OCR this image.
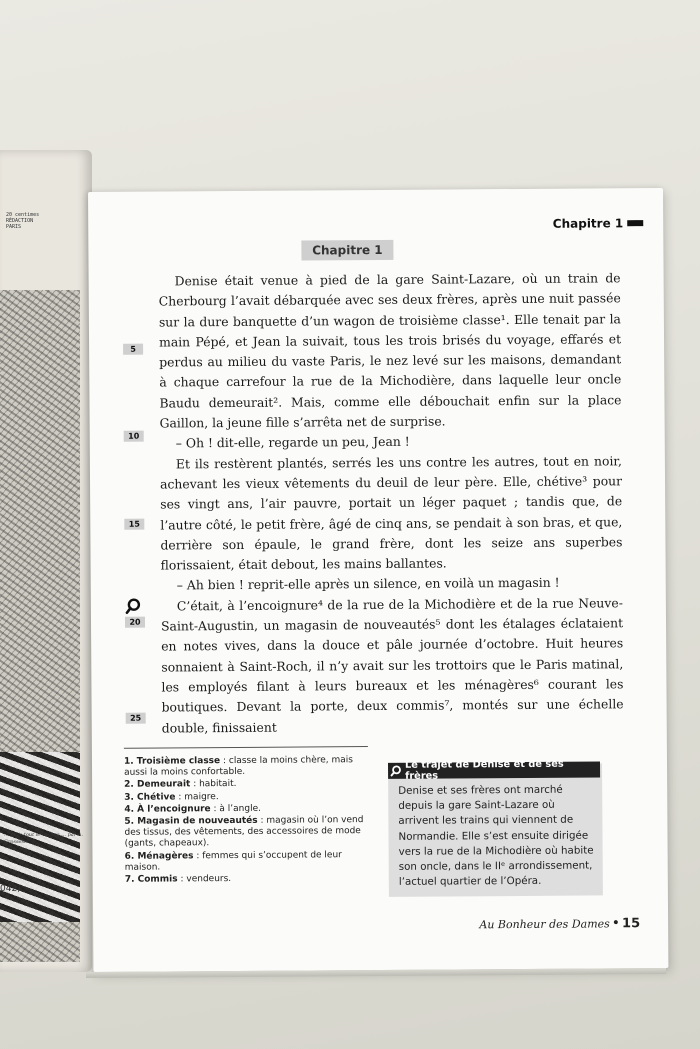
20 centimes
RÉDACTION
PARIS
... mais tout le voyage ... par A. Grosseste
042)
Chapitre 1
Chapitre 1

Denise était venue à pied de la gare Saint-Lazare, où un train de Cherbourg l’avait débarquée avec ses deux frères, après une nuit passée sur la dure banquette d’un wagon de troisième classe¹. Elle tenait par la main Pépé, et Jean la suivait, tous les trois brisés du voyage, effarés et perdus au milieu du vaste Paris, le nez levé sur les maisons, demandant à chaque carrefour la rue de la Michodière, dans laquelle leur oncle Baudu demeurait². Mais, comme elle débouchait enfin sur la place Gaillon, la jeune fille s’arrêta net de surprise.

– Oh ! dit-elle, regarde un peu, Jean !

Et ils restèrent plantés, serrés les uns contre les autres, tout en noir, achevant les vieux vêtements du deuil de leur père. Elle, chétive³ pour ses vingt ans, l’air pauvre, portait un léger paquet ; tandis que, de l’autre côté, le petit frère, âgé de cinq ans, se pendait à son bras, et que, derrière son épaule, le grand frère, dont les seize ans superbes florissaient, était debout, les mains ballantes.

– Ah bien ! reprit-elle après un silence, en voilà un magasin !

C’était, à l’encoignure⁴ de la rue de la Michodière et de la rue Neuve-Saint-Augustin, un magasin de nouveautés⁵ dont les étalages éclataient en notes vives, dans la douce et pâle journée d’octobre. Huit heures sonnaient à Saint-Roch, il n’y avait sur les trottoirs que le Paris matinal, les employés filant à leurs bureaux et les ménagères⁶ courant les boutiques. Devant la porte, deux commis⁷, montés sur une échelle double, finissaient

5
10
15
20
25
1. Troisième classe : classe la moins chère, mais aussi la moins confortable.
2. Demeurait : habitait.
3. Chétive : maigre.
4. À l’encoignure : à l’angle.
5. Magasin de nouveautés : magasin où l’on vend des tissus, des vêtements, des accessoires de mode (gants, chapeaux).
6. Ménagères : femmes qui s’occupent de leur maison.
7. Commis : vendeurs.
Le trajet de Denise et de ses frères
Denise et ses frères ont marché depuis la gare Saint-Lazare où arrivent les trains qui viennent de Normandie. Elle s’est ensuite dirigée vers la rue de la Michodière où habite son oncle, dans le IIᵉ arrondissement, l’actuel quartier de l’Opéra.
Au Bonheur des Dames • 15
